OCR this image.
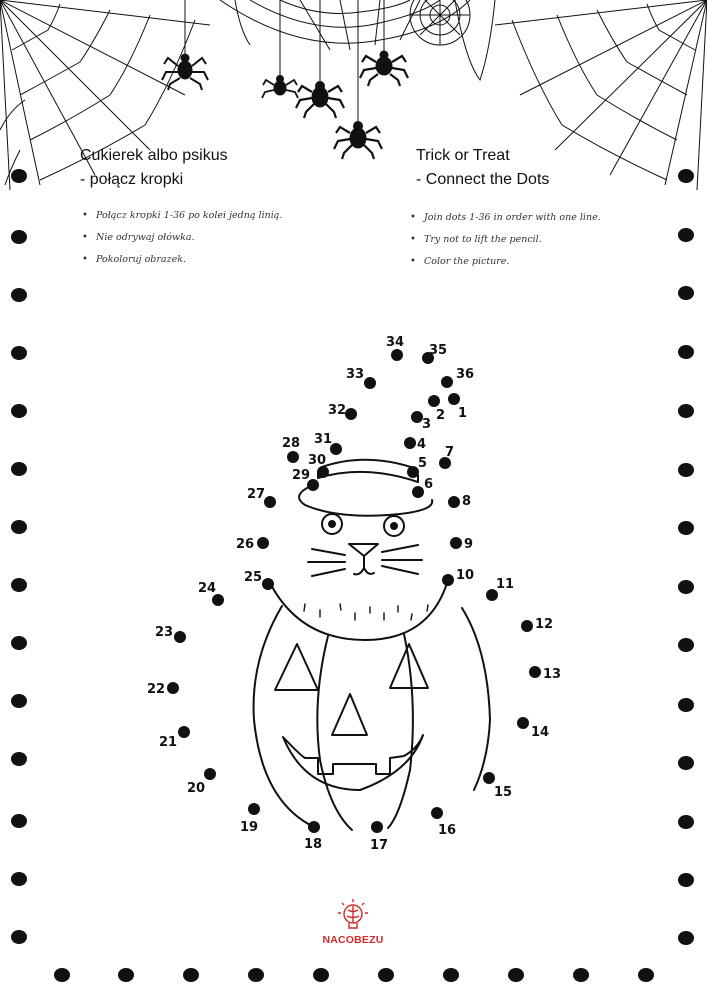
1
2
3
4
5
6
7
8
9
10
11
12
13
14
15
16
17
18
19
20
21
22
23
24
25
26
27
28
29
30
31
32
33
34
35
36
Cukierek albo psikus
- połącz kropki
Trick or Treat
- Connect the Dots
• Połącz kropki 1-36 po kolei jedną linią.
• Nie odrywaj ołówka.
• Pokoloruj obrazek.
• Join dots 1-36 in order with one line.
• Try not to lift the pencil.
• Color the picture.
NACOBEZU
